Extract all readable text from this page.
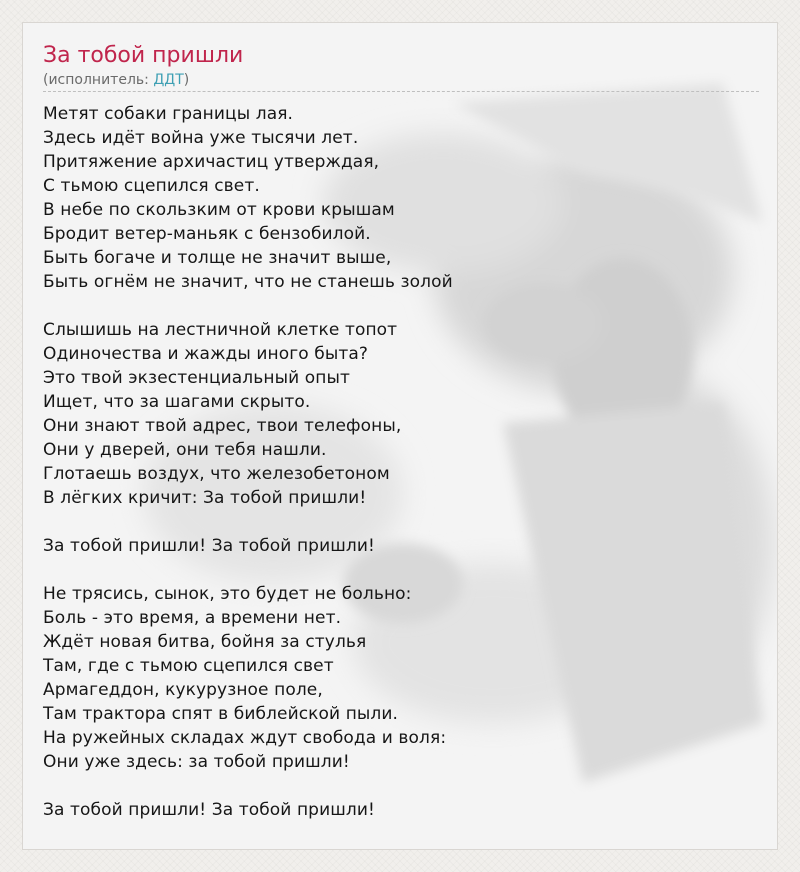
За тобой пришли
(исполнитель: ДДТ)

Метят собаки границы лая.
Здесь идёт война уже тысячи лет.
Притяжение архичастиц утверждая,
С тьмою сцепился свет.
В небе по скользким от крови крышам
Бродит ветер-маньяк с бензобилой.
Быть богаче и толще не значит выше,
Быть огнём не значит, что не станешь золой

Слышишь на лестничной клетке топот
Одиночества и жажды иного быта?
Это твой экзестенциальный опыт
Ищет, что за шагами скрыто.
Они знают твой адрес, твои телефоны,
Они у дверей, они тебя нашли.
Глотаешь воздух, что железобетоном
В лёгких кричит: За тобой пришли!

За тобой пришли! За тобой пришли!

Не трясись, сынок, это будет не больно:
Боль - это время, а времени нет.
Ждёт новая битва, бойня за стулья
Там, где с тьмою сцепился свет
Армагеддон, кукурузное поле,
Там трактора спят в библейской пыли.
На ружейных складах ждут свобода и воля:
Они уже здесь: за тобой пришли!

За тобой пришли! За тобой пришли!
